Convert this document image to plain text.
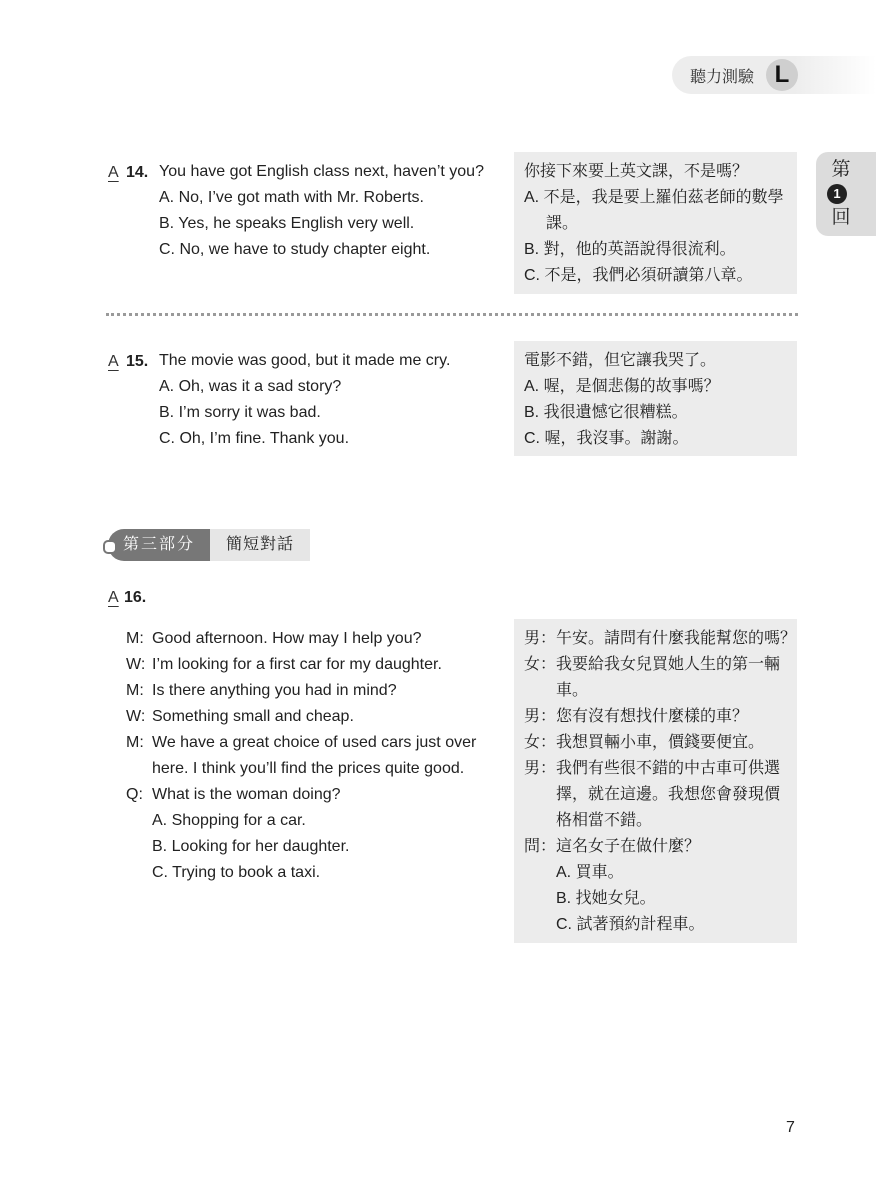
聽力測驗 L
第
1
回
A 14. You have got English class next, haven’t you?
A. No, I’ve got math with Mr. Roberts.
B. Yes, he speaks English very well.
C. No, we have to study chapter eight.
你接下來要上英文課，不是嗎？
A. 不是，我是要上羅伯茲老師的數學
課。
B. 對，他的英語說得很流利。
C. 不是，我們必須研讀第八章。
A 15. The movie was good, but it made me cry.
A. Oh, was it a sad story?
B. I’m sorry it was bad.
C. Oh, I’m fine. Thank you.
電影不錯，但它讓我哭了。
A. 喔，是個悲傷的故事嗎？
B. 我很遺憾它很糟糕。
C. 喔，我沒事。謝謝。
第三部分	簡短對話
A 16.
M: Good afternoon. How may I help you?
W: I’m looking for a first car for my daughter.
M: Is there anything you had in mind?
W: Something small and cheap.
M: We have a great choice of used cars just over
here. I think you’ll find the prices quite good.
Q: What is the woman doing?
A. Shopping for a car.
B. Looking for her daughter.
C. Trying to book a taxi.
男：午安。請問有什麼我能幫您的嗎？
女：我要給我女兒買她人生的第一輛
車。
男：您有沒有想找什麼樣的車？
女：我想買輛小車，價錢要便宜。
男：我們有些很不錯的中古車可供選
擇，就在這邊。我想您會發現價
格相當不錯。
問：這名女子在做什麼？
A. 買車。
B. 找她女兒。
C. 試著預約計程車。
7
